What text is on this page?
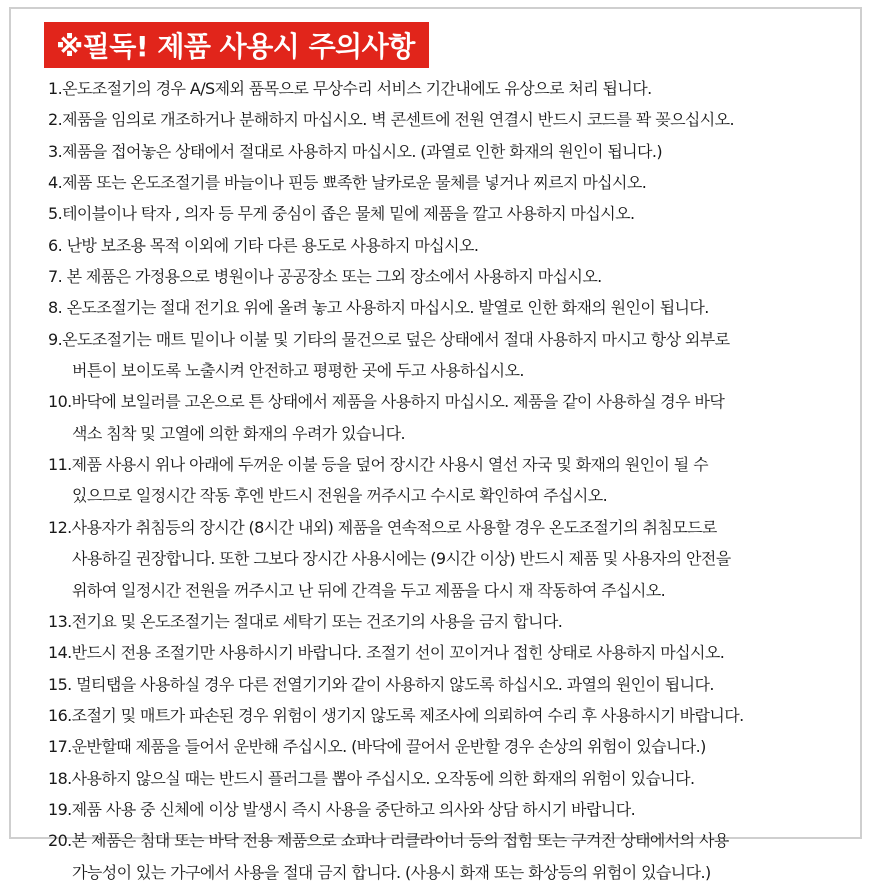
※필독! 제품 사용시 주의사항
1.온도조절기의 경우 A/S제외 품목으로 무상수리 서비스 기간내에도 유상으로 처리 됩니다.
2.제품을 임의로 개조하거나 분해하지 마십시오. 벽 콘센트에 전원 연결시 반드시 코드를 꽉 꽂으십시오.
3.제품을 접어놓은 상태에서 절대로 사용하지 마십시오. (과열로 인한 화재의 원인이 됩니다.)
4.제품 또는 온도조절기를 바늘이나 핀등 뾰족한 날카로운 물체를 넣거나 찌르지 마십시오.
5.테이블이나 탁자 , 의자 등 무게 중심이 좁은 물체 밑에 제품을 깔고 사용하지 마십시오.
6. 난방 보조용 목적 이외에 기타 다른 용도로 사용하지 마십시오.
7. 본 제품은 가정용으로 병원이나 공공장소 또는 그외 장소에서 사용하지 마십시오.
8. 온도조절기는 절대 전기요 위에 올려 놓고 사용하지 마십시오. 발열로 인한 화재의 원인이 됩니다.
9.온도조절기는 매트 밑이나 이불 및 기타의 물건으로 덮은 상태에서 절대 사용하지 마시고 항상 외부로
버튼이 보이도록 노출시켜 안전하고 평평한 곳에 두고 사용하십시오.
10.바닥에 보일러를 고온으로 튼 상태에서 제품을 사용하지 마십시오. 제품을 같이 사용하실 경우 바닥
색소 침착 및 고열에 의한 화재의 우려가 있습니다.
11.제품 사용시 위나 아래에 두꺼운 이불 등을 덮어 장시간 사용시 열선 자국 및 화재의 원인이 될 수
있으므로 일정시간 작동 후엔 반드시 전원을 꺼주시고 수시로 확인하여 주십시오.
12.사용자가 취침등의 장시간 (8시간 내외) 제품을 연속적으로 사용할 경우 온도조절기의 취침모드로
사용하길 권장합니다. 또한 그보다 장시간 사용시에는 (9시간 이상) 반드시 제품 및 사용자의 안전을
위하여 일정시간 전원을 꺼주시고 난 뒤에 간격을 두고 제품을 다시 재 작동하여 주십시오.
13.전기요 및 온도조절기는 절대로 세탁기 또는 건조기의 사용을 금지 합니다.
14.반드시 전용 조절기만 사용하시기 바랍니다. 조절기 선이 꼬이거나 접힌 상태로 사용하지 마십시오.
15. 멀티탭을 사용하실 경우 다른 전열기기와 같이 사용하지 않도록 하십시오. 과열의 원인이 됩니다.
16.조절기 및 매트가 파손된 경우 위험이 생기지 않도록 제조사에 의뢰하여 수리 후 사용하시기 바랍니다.
17.운반할때 제품을 들어서 운반해 주십시오. (바닥에 끌어서 운반할 경우 손상의 위험이 있습니다.)
18.사용하지 않으실 때는 반드시 플러그를 뽑아 주십시오. 오작동에 의한 화재의 위험이 있습니다.
19.제품 사용 중 신체에 이상 발생시 즉시 사용을 중단하고 의사와 상담 하시기 바랍니다.
20.본 제품은 침대 또는 바닥 전용 제품으로 쇼파나 리클라이너 등의 접힘 또는 구겨진 상태에서의 사용
가능성이 있는 가구에서 사용을 절대 금지 합니다. (사용시 화재 또는 화상등의 위험이 있습니다.)
